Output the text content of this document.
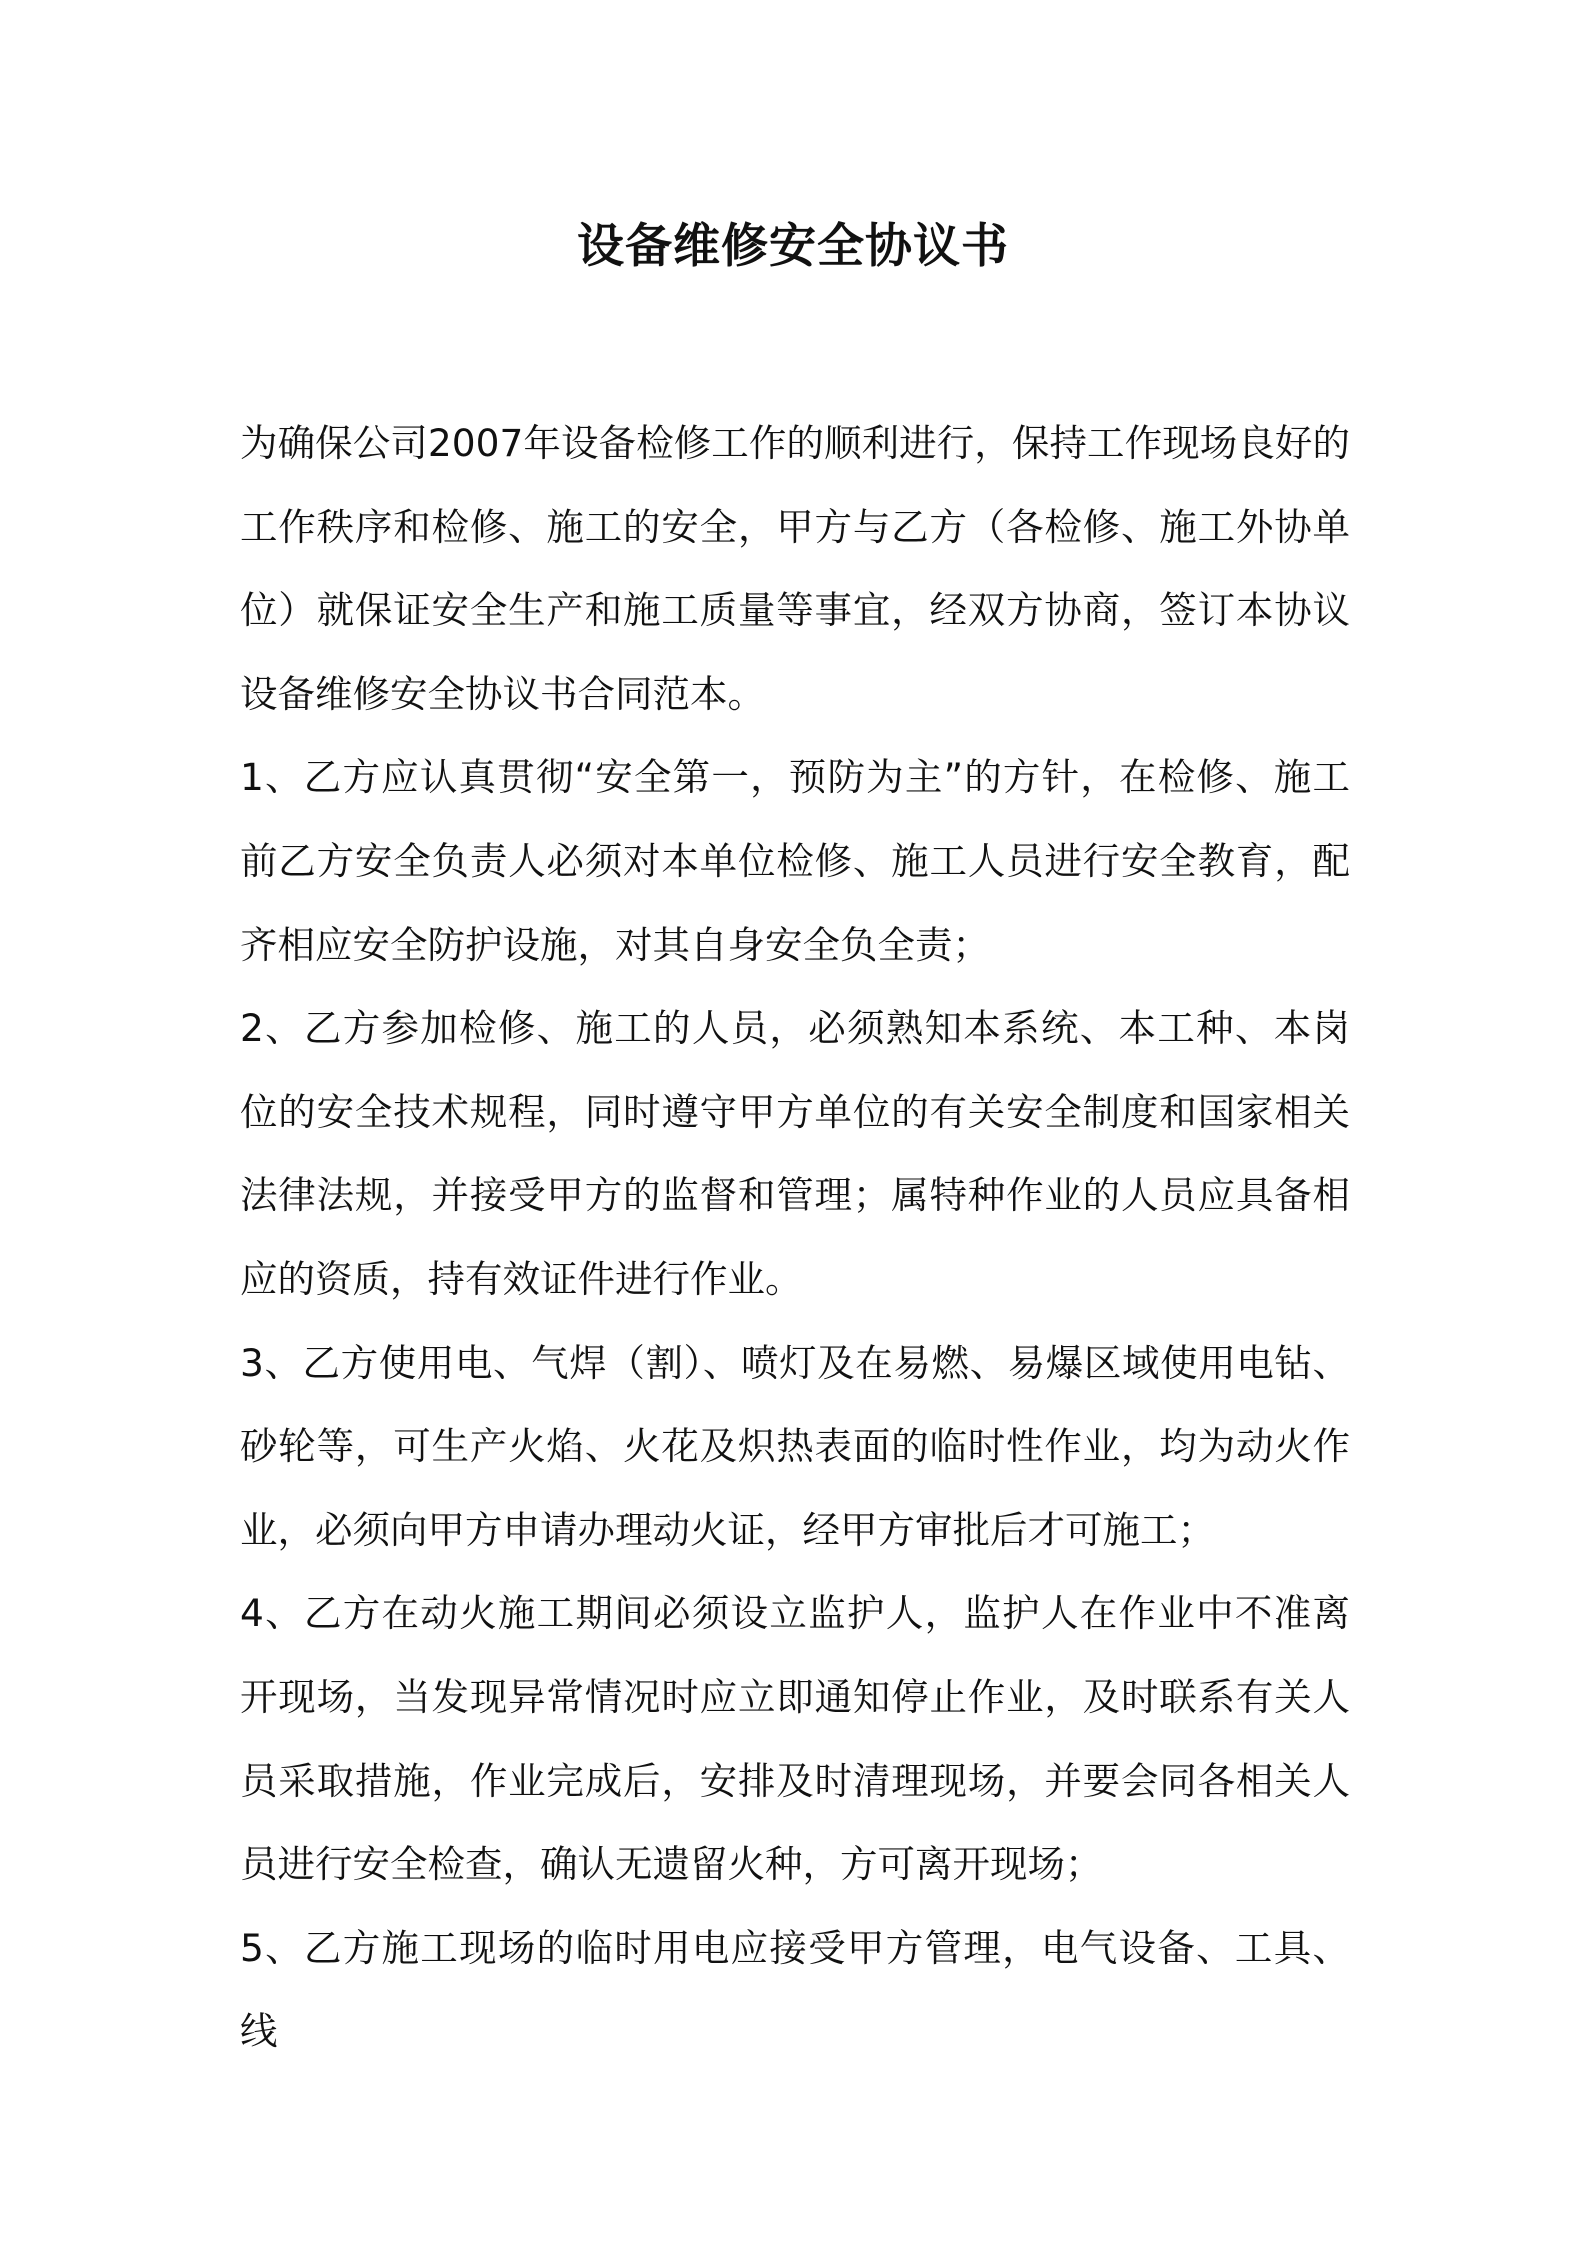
设备维修安全协议书

为确保公司2007年设备检修工作的顺利进行，保持工作现场良好的工作秩序和检修、施工的安全，甲方与乙方（各检修、施工外协单位）就保证安全生产和施工质量等事宜，经双方协商，签订本协议设备维修安全协议书合同范本。

1、乙方应认真贯彻“安全第一，预防为主”的方针，在检修、施工前乙方安全负责人必须对本单位检修、施工人员进行安全教育，配齐相应安全防护设施，对其自身安全负全责；

2、乙方参加检修、施工的人员，必须熟知本系统、本工种、本岗位的安全技术规程，同时遵守甲方单位的有关安全制度和国家相关法律法规，并接受甲方的监督和管理；属特种作业的人员应具备相应的资质，持有效证件进行作业。

3、乙方使用电、气焊（割）、喷灯及在易燃、易爆区域使用电钻、砂轮等，可生产火焰、火花及炽热表面的临时性作业，均为动火作业，必须向甲方申请办理动火证，经甲方审批后才可施工；

4、乙方在动火施工期间必须设立监护人，监护人在作业中不准离开现场，当发现异常情况时应立即通知停止作业，及时联系有关人员采取措施，作业完成后，安排及时清理现场，并要会同各相关人员进行安全检查，确认无遗留火种，方可离开现场；

5、乙方施工现场的临时用电应接受甲方管理，电气设备、工具、线
